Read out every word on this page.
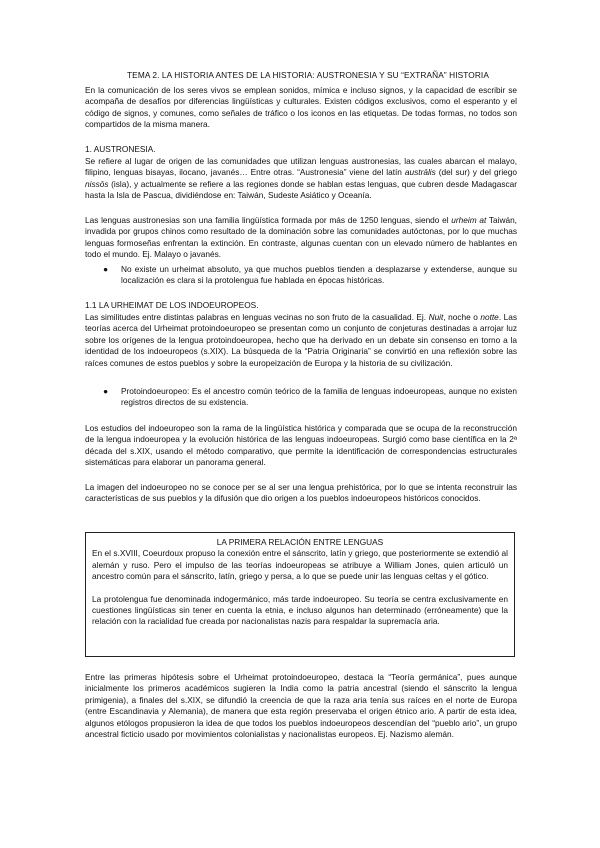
TEMA 2. LA HISTORIA ANTES DE LA HISTORIA: AUSTRONESIA Y SU “EXTRAÑA” HISTORIA
En la comunicación de los seres vivos se emplean sonidos, mímica e incluso signos, y la capacidad de escribir se acompaña de desafíos por diferencias lingüísticas y culturales. Existen códigos exclusivos, como el esperanto y el código de signos, y comunes, como señales de tráfico o los iconos en las etiquetas. De todas formas, no todos son compartidos de la misma manera.
1. AUSTRONESIA.
Se refiere al lugar de origen de las comunidades que utilizan lenguas austronesias, las cuales abarcan el malayo, filipino, lenguas bisayas, ilocano, javanés… Entre otras. “Austronesia” viene del latín austrālis (del sur) y del griego nissōs (isla), y actualmente se refiere a las regiones donde se hablan estas lenguas, que cubren desde Madagascar hasta la Isla de Pascua, dividiéndose en: Taiwán, Sudeste Asiático y Oceanía.
Las lenguas austronesias son una familia lingüística formada por más de 1250 lenguas, siendo el urheim at Taiwán, invadida por grupos chinos como resultado de la dominación sobre las comunidades autóctonas, por lo que muchas lenguas formoseñas enfrentan la extinción. En contraste, algunas cuentan con un elevado número de hablantes en todo el mundo. Ej. Malayo o javanés.
●	No existe un urheimat absoluto, ya que muchos pueblos tienden a desplazarse y extenderse, aunque su localización es clara si la protolengua fue hablada en épocas históricas.
1.1 LA URHEIMAT DE LOS INDOEUROPEOS.
Las similitudes entre distintas palabras en lenguas vecinas no son fruto de la casualidad. Ej. Nuit, noche o notte. Las teorías acerca del Urheimat protoindoeuropeo se presentan como un conjunto de conjeturas destinadas a arrojar luz sobre los orígenes de la lengua protoindoeuropea, hecho que ha derivado en un debate sin consenso en torno a la identidad de los indoeuropeos (s.XIX). La búsqueda de la “Patria Originaria” se convirtió en una reflexión sobre las raíces comunes de estos pueblos y sobre la europeización de Europa y la historia de su civilización.
●	Protoindoeuropeo: Es el ancestro común teórico de la familia de lenguas indoeuropeas, aunque no existen registros directos de su existencia.
Los estudios del indoeuropeo son la rama de la lingüística histórica y comparada que se ocupa de la reconstrucción de la lengua indoeuropea y la evolución histórica de las lenguas indoeuropeas. Surgió como base científica en la 2ª década del s.XIX, usando el método comparativo, que permite la identificación de correspondencias estructurales sistemáticas para elaborar un panorama general.
La imagen del indoeuropeo no se conoce per se al ser una lengua prehistórica, por lo que se intenta reconstruir las características de sus pueblos y la difusión que dio origen a los pueblos indoeuropeos históricos conocidos.
LA PRIMERA RELACIÓN ENTRE LENGUAS
En el s.XVIII, Coeurdoux propuso la conexión entre el sánscrito, latín y griego, que posteriormente se extendió al alemán y ruso. Pero el impulso de las teorías indoeuropeas se atribuye a William Jones, quien articuló un ancestro común para el sánscrito, latín, griego y persa, a lo que se puede unir las lenguas celtas y el gótico.
La protolengua fue denominada indogermánico, más tarde indoeuropeo. Su teoría se centra exclusivamente en cuestiones lingüísticas sin tener en cuenta la etnia, e incluso algunos han determinado (erróneamente) que la relación con la racialidad fue creada por nacionalistas nazis para respaldar la supremacía aria.
Entre las primeras hipótesis sobre el Urheimat protoindoeuropeo, destaca la “Teoría germánica”, pues aunque inicialmente los primeros académicos sugieren la India como la patria ancestral (siendo el sánscrito la lengua primigenia), a finales del s.XIX, se difundió la creencia de que la raza aria tenía sus raíces en el norte de Europa (entre Escandinavia y Alemania), de manera que esta región preservaba el origen étnico ario. A partir de esta idea, algunos etólogos propusieron la idea de que todos los pueblos indoeuropeos descendían del “pueblo ario”, un grupo ancestral ficticio usado por movimientos colonialistas y nacionalistas europeos. Ej. Nazismo alemán.
